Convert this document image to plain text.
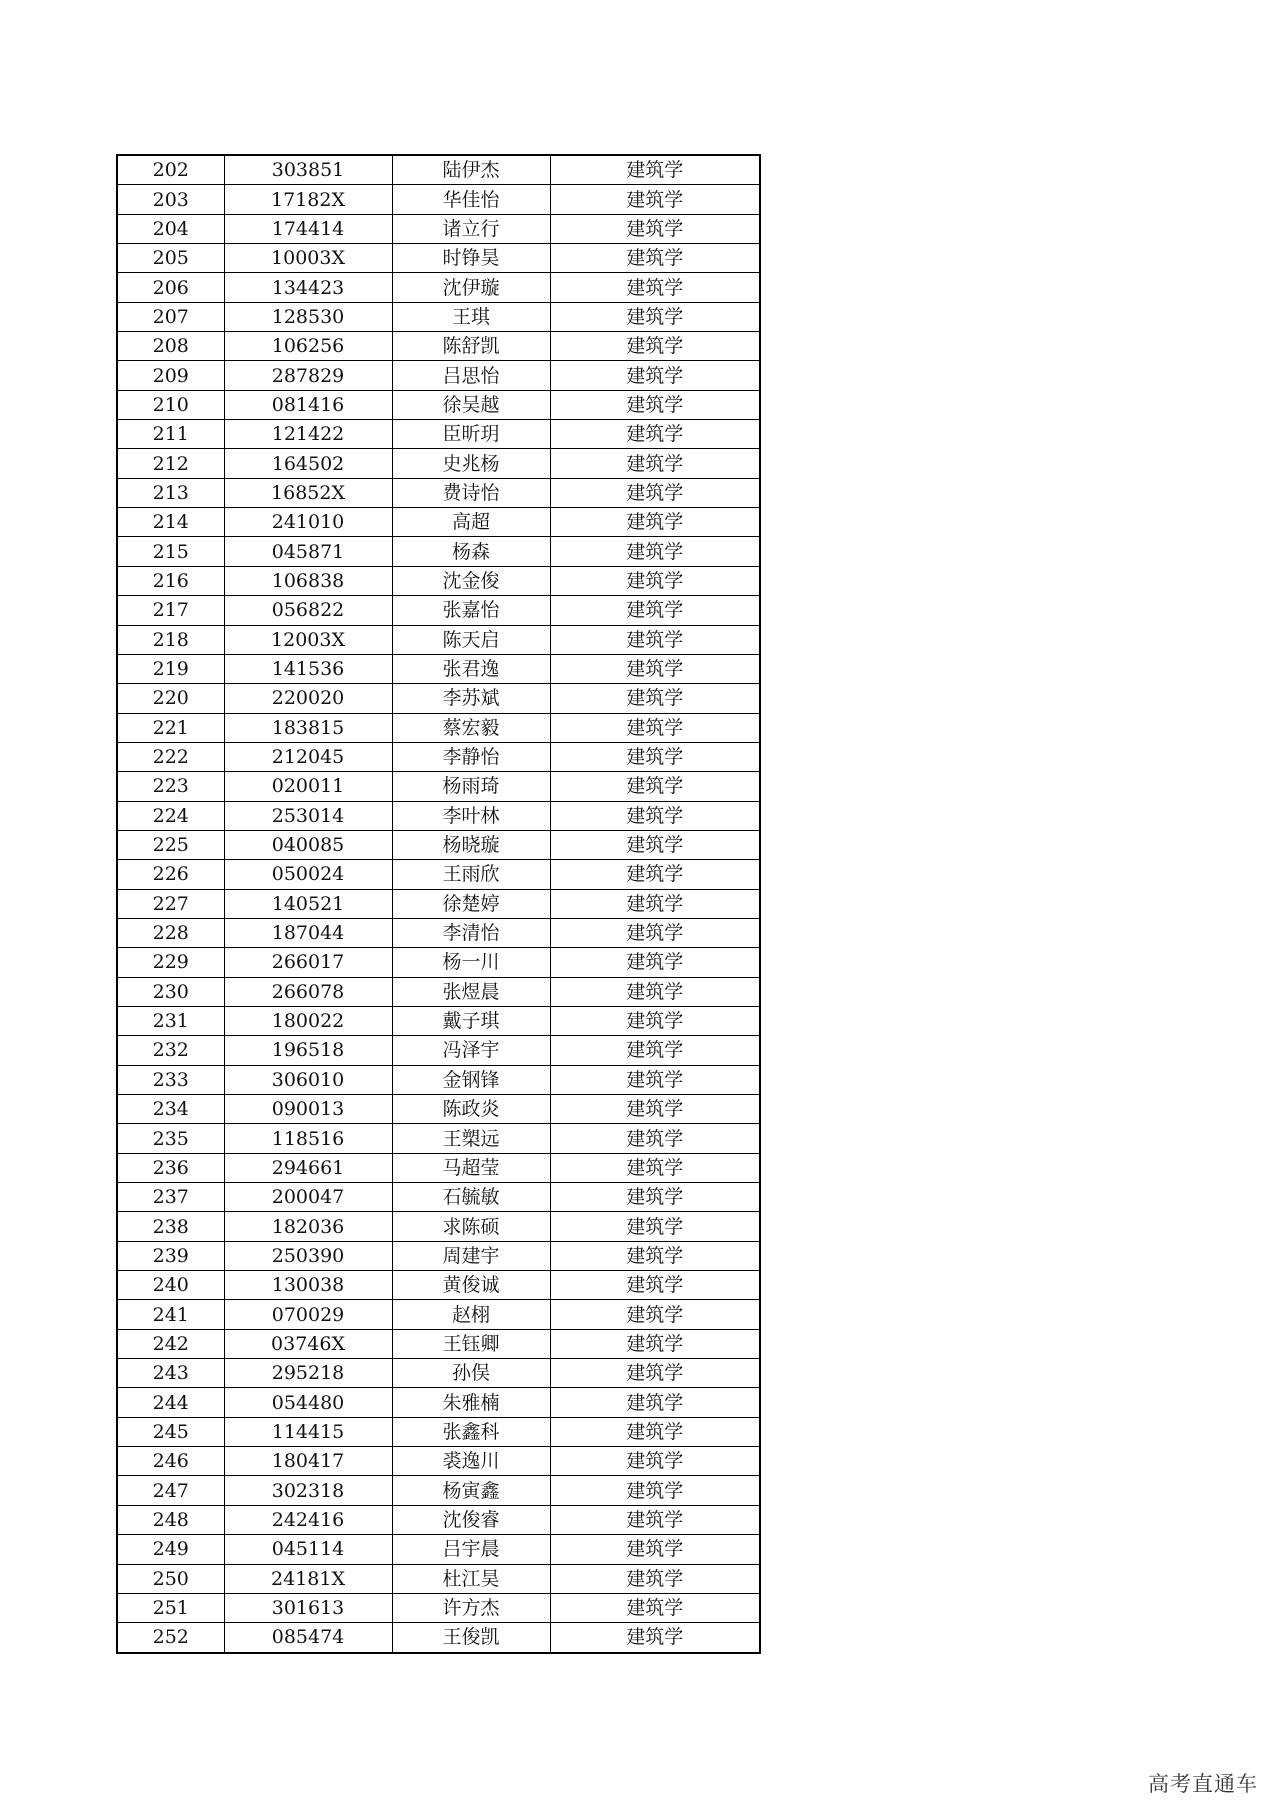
202	303851	陆伊杰	建筑学
203	17182X	华佳怡	建筑学
204	174414	诸立行	建筑学
205	10003X	时铮昊	建筑学
206	134423	沈伊璇	建筑学
207	128530	王琪	建筑学
208	106256	陈舒凯	建筑学
209	287829	吕思怡	建筑学
210	081416	徐吴越	建筑学
211	121422	臣昕玥	建筑学
212	164502	史兆杨	建筑学
213	16852X	费诗怡	建筑学
214	241010	高超	建筑学
215	045871	杨森	建筑学
216	106838	沈金俊	建筑学
217	056822	张嘉怡	建筑学
218	12003X	陈天启	建筑学
219	141536	张君逸	建筑学
220	220020	李苏斌	建筑学
221	183815	蔡宏毅	建筑学
222	212045	李静怡	建筑学
223	020011	杨雨琦	建筑学
224	253014	李叶林	建筑学
225	040085	杨晓璇	建筑学
226	050024	王雨欣	建筑学
227	140521	徐楚婷	建筑学
228	187044	李清怡	建筑学
229	266017	杨一川	建筑学
230	266078	张煜晨	建筑学
231	180022	戴子琪	建筑学
232	196518	冯泽宇	建筑学
233	306010	金钢锋	建筑学
234	090013	陈政炎	建筑学
235	118516	王槊远	建筑学
236	294661	马超莹	建筑学
237	200047	石毓敏	建筑学
238	182036	求陈硕	建筑学
239	250390	周建宇	建筑学
240	130038	黄俊诚	建筑学
241	070029	赵栩	建筑学
242	03746X	王钰卿	建筑学
243	295218	孙俣	建筑学
244	054480	朱雅楠	建筑学
245	114415	张鑫科	建筑学
246	180417	裘逸川	建筑学
247	302318	杨寅鑫	建筑学
248	242416	沈俊睿	建筑学
249	045114	吕宇晨	建筑学
250	24181X	杜江昊	建筑学
251	301613	许方杰	建筑学
252	085474	王俊凯	建筑学
高考直通车
